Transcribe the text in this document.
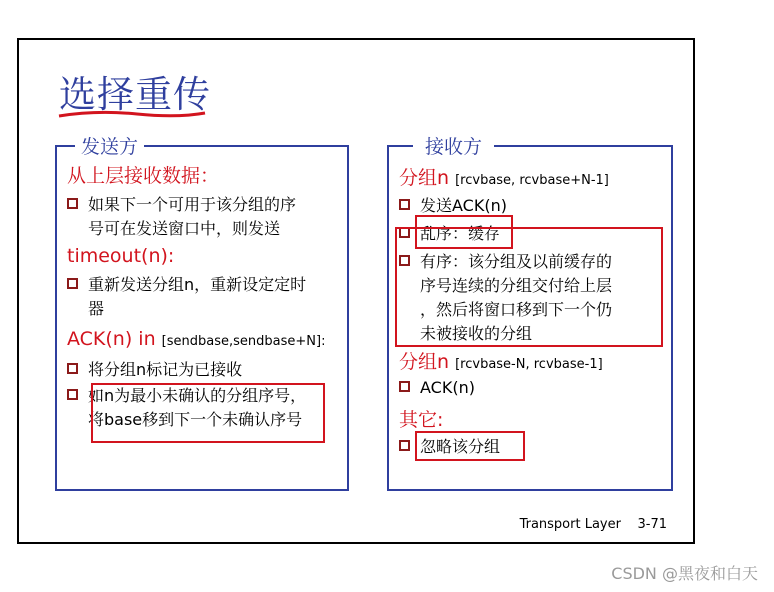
选择重传
发送方
从上层接收数据：
如果下一个可用于该分组的序
号可在发送窗口中，则发送
timeout(n):
重新发送分组n，重新设定定时
器
ACK(n) in [sendbase,sendbase+N]:
将分组n标记为已接收
如n为最小未确认的分组序号，
将base移到下一个未确认序号
接收方
分组n [rcvbase, rcvbase+N-1]
发送ACK(n)
乱序：缓存
有序：该分组及以前缓存的
序号连续的分组交付给上层
，然后将窗口移到下一个仍
未被接收的分组
分组n [rcvbase-N, rcvbase-1]
ACK(n)
其它:
忽略该分组
Transport Layer 3-71
CSDN @黑夜和白天
